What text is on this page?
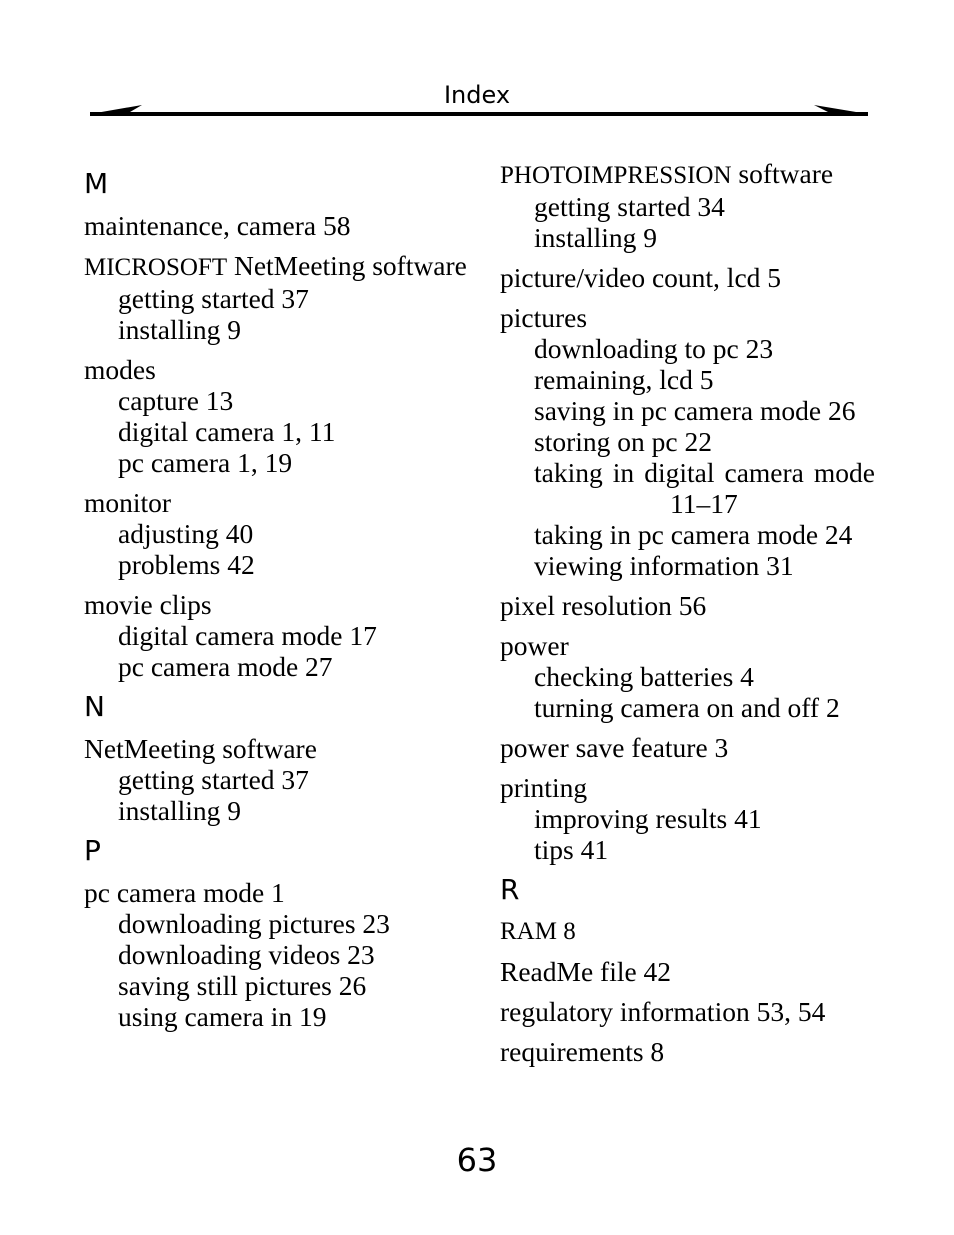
Index
M
maintenance, camera 58
MICROSOFT NetMeeting software
getting started 37
installing 9
modes
capture 13
digital camera 1, 11
pc camera 1, 19
monitor
adjusting 40
problems 42
movie clips
digital camera mode 17
pc camera mode 27
N
NetMeeting software
getting started 37
installing 9
P
pc camera mode 1
downloading pictures 23
downloading videos 23
saving still pictures 26
using camera in 19
PHOTOIMPRESSION software
getting started 34
installing 9
picture/video count, lcd 5
pictures
downloading to pc 23
remaining, lcd 5
saving in pc camera mode 26
storing on pc 22
taking in digital camera mode
11–17
taking in pc camera mode 24
viewing information 31
pixel resolution 56
power
checking batteries 4
turning camera on and off 2
power save feature 3
printing
improving results 41
tips 41
R
RAM 8
ReadMe file 42
regulatory information 53, 54
requirements 8
63
